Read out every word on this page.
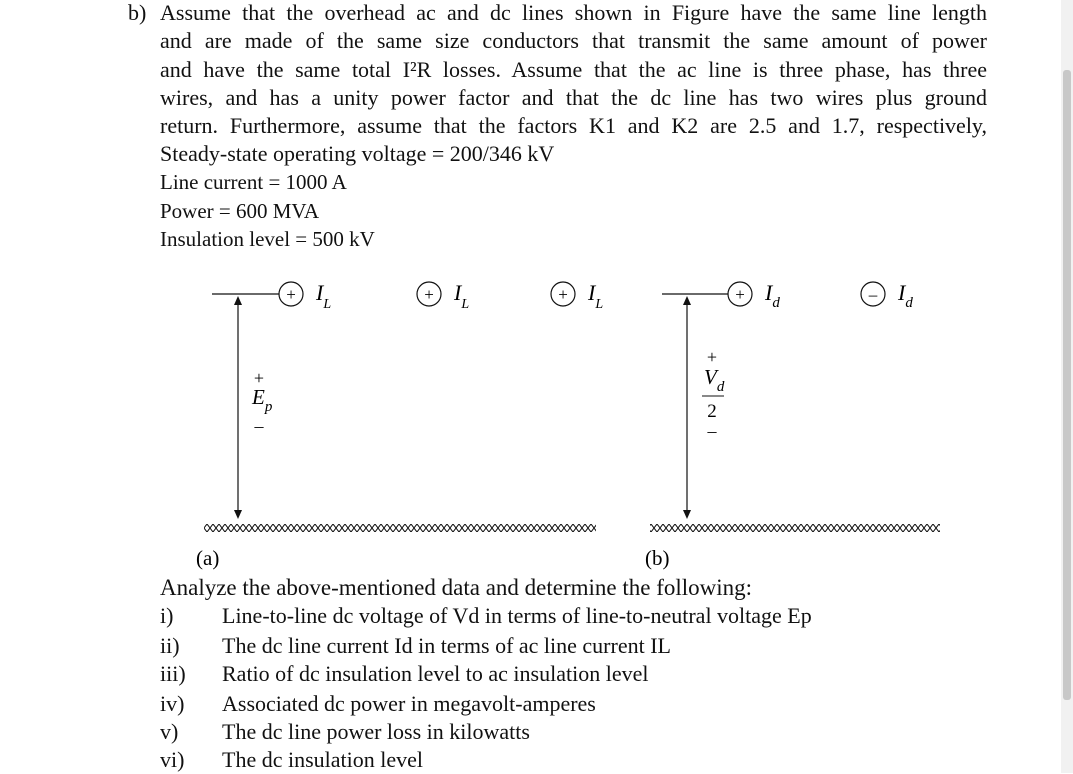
b) Assume that the overhead ac and dc lines shown in Figure have the same line length
and are made of the same size conductors that transmit the same amount of power
and have the same total I²R losses. Assume that the ac line is three phase, has three
wires, and has a unity power factor and that the dc line has two wires plus ground
return. Furthermore, assume that the factors K1 and K2 are 2.5 and 1.7, respectively,
Steady-state operating voltage = 200/346 kV
Line current = 1000 A
Power = 600 MVA
Insulation level = 500 kV
+ $I_L$
+ $I_L$
+ $I_L$
+
$E_p$
–
(a)
+ $I_d$	– $I_d$
+
$V_d$
2
–
(b)
Analyze the above-mentioned data and determine the following:
i) Line-to-line dc voltage of Vd in terms of line-to-neutral voltage Ep
ii) The dc line current Id in terms of ac line current IL
iii) Ratio of dc insulation level to ac insulation level
iv) Associated dc power in megavolt-amperes
v) The dc line power loss in kilowatts
vi) The dc insulation level
